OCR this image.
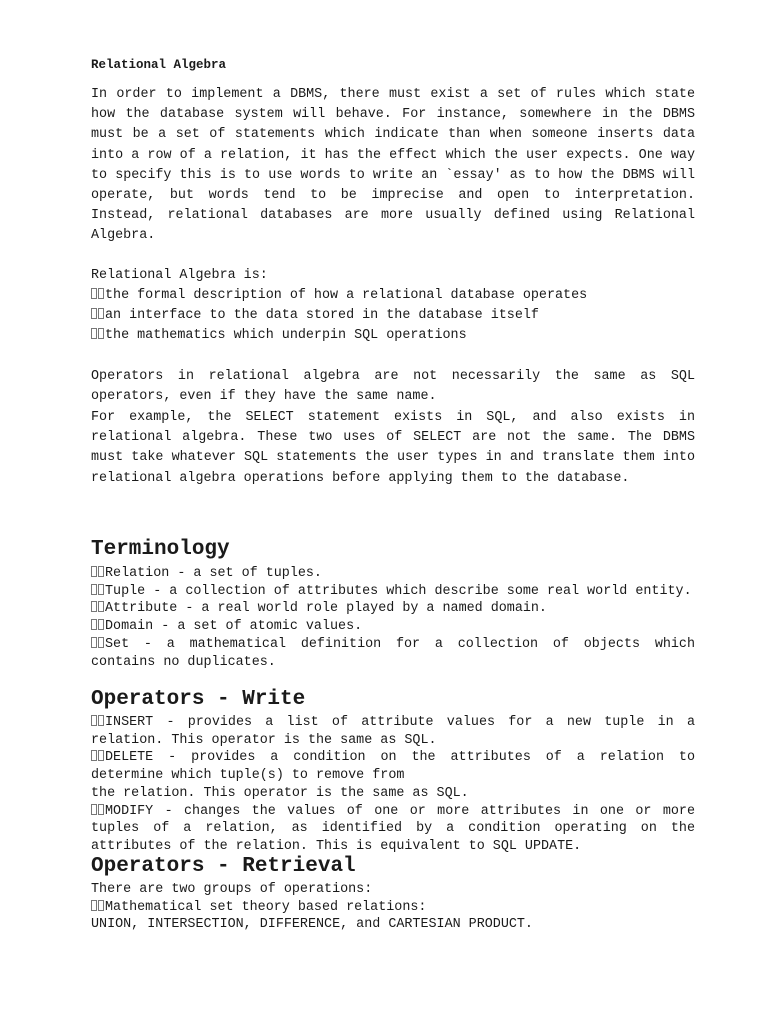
Relational Algebra

In order to implement a DBMS, there must exist a set of rules which state how the database system will behave. For instance, somewhere in the DBMS must be a set of statements which indicate than when someone inserts data into a row of a relation, it has the effect which the user expects. One way to specify this is to use words to write an `essay' as to how the DBMS will operate, but words tend to be imprecise and open to interpretation. Instead, relational databases are more usually defined using Relational Algebra.

Relational Algebra is:

the formal description of how a relational database operates
an interface to the data stored in the database itself
the mathematics which underpin SQL operations

Operators in relational algebra are not necessarily the same as SQL operators, even if they have the same name.

For example, the SELECT statement exists in SQL, and also exists in relational algebra. These two uses of SELECT are not the same. The DBMS must take whatever SQL statements the user types in and translate them into relational algebra operations before applying them to the database.

Terminology
Relation - a set of tuples.
Tuple - a collection of attributes which describe some real world entity.
Attribute - a real world role played by a named domain.
Domain - a set of atomic values.
Set - a mathematical definition for a collection of objects which contains no duplicates.
Operators - Write
INSERT - provides a list of attribute values for a new tuple in a relation. This operator is the same as SQL.
DELETE - provides a condition on the attributes of a relation to determine which tuple(s) to remove from
the relation. This operator is the same as SQL.
MODIFY - changes the values of one or more attributes in one or more tuples of a relation, as identified by a condition operating on the attributes of the relation. This is equivalent to SQL UPDATE.
Operators - Retrieval
There are two groups of operations:
Mathematical set theory based relations:
UNION, INTERSECTION, DIFFERENCE, and CARTESIAN PRODUCT.
